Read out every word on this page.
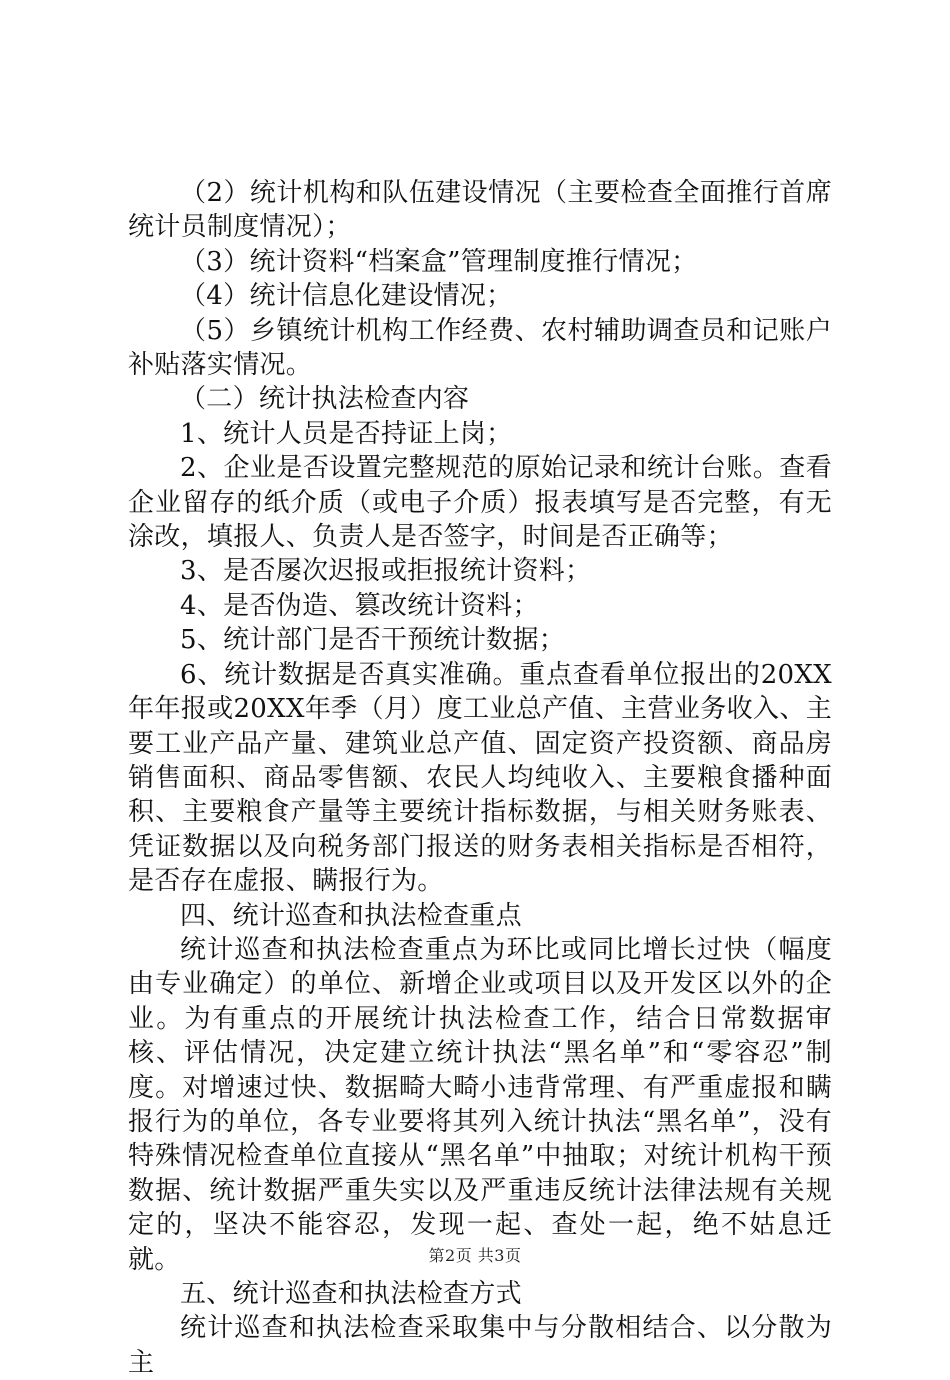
（2）统计机构和队伍建设情况（主要检查全面推行首席统计员制度情况）；

（3）统计资料“档案盒”管理制度推行情况；

（4）统计信息化建设情况；

（5）乡镇统计机构工作经费、农村辅助调查员和记账户补贴落实情况。

（二）统计执法检查内容

1、统计人员是否持证上岗；

2、企业是否设置完整规范的原始记录和统计台账。查看企业留存的纸介质（或电子介质）报表填写是否完整，有无涂改，填报人、负责人是否签字，时间是否正确等；

3、是否屡次迟报或拒报统计资料；

4、是否伪造、篡改统计资料；

5、统计部门是否干预统计数据；

6、统计数据是否真实准确。重点查看单位报出的20XX年年报或20XX年季（月）度工业总产值、主营业务收入、主要工业产品产量、建筑业总产值、固定资产投资额、商品房销售面积、商品零售额、农民人均纯收入、主要粮食播种面积、主要粮食产量等主要统计指标数据，与相关财务账表、凭证数据以及向税务部门报送的财务表相关指标是否相符，是否存在虚报、瞒报行为。

四、统计巡查和执法检查重点

统计巡查和执法检查重点为环比或同比增长过快（幅度由专业确定）的单位、新增企业或项目以及开发区以外的企业。为有重点的开展统计执法检查工作，结合日常数据审核、评估情况，决定建立统计执法“黑名单”和“零容忍”制度。对增速过快、数据畸大畸小违背常理、有严重虚报和瞒报行为的单位，各专业要将其列入统计执法“黑名单”，没有特殊情况检查单位直接从“黑名单”中抽取；对统计机构干预数据、统计数据严重失实以及严重违反统计法律法规有关规定的，坚决不能容忍，发现一起、查处一起，绝不姑息迁就。

五、统计巡查和执法检查方式

统计巡查和执法检查采取集中与分散相结合、以分散为主

第2页 共3页
